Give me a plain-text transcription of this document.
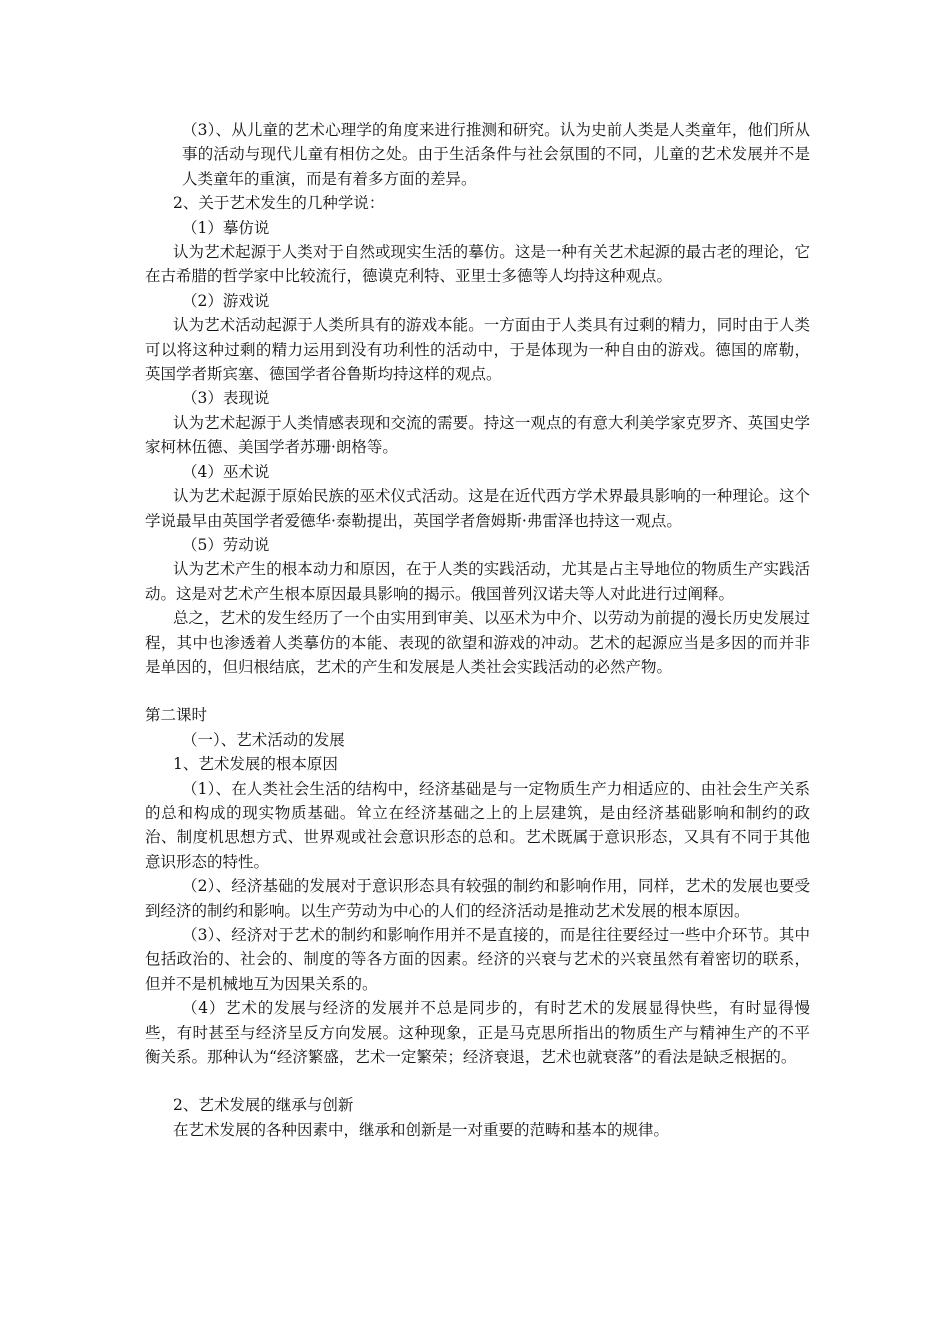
（3）、从儿童的艺术心理学的角度来进行推测和研究。认为史前人类是人类童年，他们所从事的活动与现代儿童有相仿之处。由于生活条件与社会氛围的不同，儿童的艺术发展并不是人类童年的重演，而是有着多方面的差异。

2、关于艺术发生的几种学说：

（1）摹仿说

认为艺术起源于人类对于自然或现实生活的摹仿。这是一种有关艺术起源的最古老的理论，它在古希腊的哲学家中比较流行，德谟克利特、亚里士多德等人均持这种观点。

（2）游戏说

认为艺术活动起源于人类所具有的游戏本能。一方面由于人类具有过剩的精力，同时由于人类可以将这种过剩的精力运用到没有功利性的活动中，于是体现为一种自由的游戏。德国的席勒，英国学者斯宾塞、德国学者谷鲁斯均持这样的观点。

（3）表现说

认为艺术起源于人类情感表现和交流的需要。持这一观点的有意大利美学家克罗齐、英国史学家柯林伍德、美国学者苏珊·朗格等。

（4）巫术说

认为艺术起源于原始民族的巫术仪式活动。这是在近代西方学术界最具影响的一种理论。这个学说最早由英国学者爱德华·泰勒提出，英国学者詹姆斯·弗雷泽也持这一观点。

（5）劳动说

认为艺术产生的根本动力和原因，在于人类的实践活动，尤其是占主导地位的物质生产实践活动。这是对艺术产生根本原因最具影响的揭示。俄国普列汉诺夫等人对此进行过阐释。

总之，艺术的发生经历了一个由实用到审美、以巫术为中介、以劳动为前提的漫长历史发展过程，其中也渗透着人类摹仿的本能、表现的欲望和游戏的冲动。艺术的起源应当是多因的而并非是单因的，但归根结底，艺术的产生和发展是人类社会实践活动的必然产物。

第二课时

（一）、艺术活动的发展

1、艺术发展的根本原因

（1）、在人类社会生活的结构中，经济基础是与一定物质生产力相适应的、由社会生产关系的总和构成的现实物质基础。耸立在经济基础之上的上层建筑，是由经济基础影响和制约的政治、制度机思想方式、世界观或社会意识形态的总和。艺术既属于意识形态，又具有不同于其他意识形态的特性。

（2）、经济基础的发展对于意识形态具有较强的制约和影响作用，同样，艺术的发展也要受到经济的制约和影响。以生产劳动为中心的人们的经济活动是推动艺术发展的根本原因。

（3）、经济对于艺术的制约和影响作用并不是直接的，而是往往要经过一些中介环节。其中包括政治的、社会的、制度的等各方面的因素。经济的兴衰与艺术的兴衰虽然有着密切的联系，但并不是机械地互为因果关系的。

（4）艺术的发展与经济的发展并不总是同步的，有时艺术的发展显得快些，有时显得慢些，有时甚至与经济呈反方向发展。这种现象，正是马克思所指出的物质生产与精神生产的不平衡关系。那种认为“经济繁盛，艺术一定繁荣；经济衰退，艺术也就衰落”的看法是缺乏根据的。

2、艺术发展的继承与创新

在艺术发展的各种因素中，继承和创新是一对重要的范畴和基本的规律。
